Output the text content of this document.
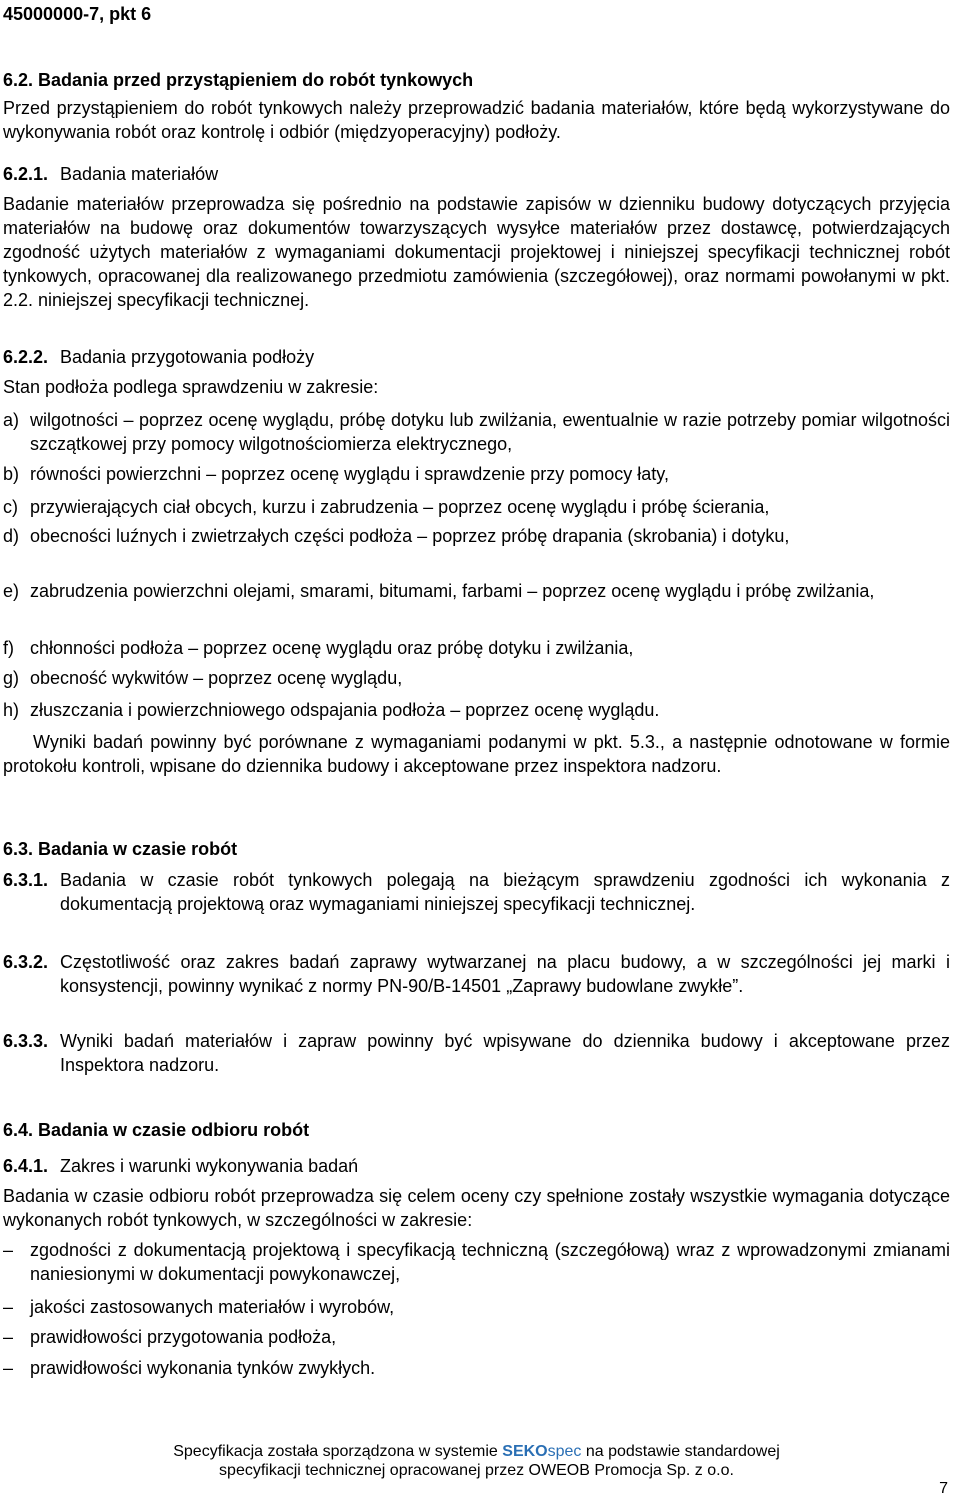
45000000-7, pkt 6
6.2. Badania przed przystąpieniem do robót tynkowych
Przed przystąpieniem do robót tynkowych należy przeprowadzić badania materiałów, które będą wykorzystywane do wykonywania robót oraz kontrolę i odbiór (międzyoperacyjny) podłoży.
6.2.1. Badania materiałów
Badanie materiałów przeprowadza się pośrednio na podstawie zapisów w dzienniku budowy dotyczących przyjęcia materiałów na budowę oraz dokumentów towarzyszących wysyłce materiałów przez dostawcę, potwierdzających zgodność użytych materiałów z wymaganiami dokumentacji projektowej i niniejszej specyfikacji technicznej robót tynkowych, opracowanej dla realizowanego przedmiotu zamówienia (szczegółowej), oraz normami powołanymi w pkt. 2.2. niniejszej specyfikacji technicznej.
6.2.2. Badania przygotowania podłoży
Stan podłoża podlega sprawdzeniu w zakresie:
a) wilgotności – poprzez ocenę wyglądu, próbę dotyku lub zwilżania, ewentualnie w razie potrzeby pomiar wilgotności szczątkowej przy pomocy wilgotnościomierza elektrycznego,
b) równości powierzchni – poprzez ocenę wyglądu i sprawdzenie przy pomocy łaty,
c) przywierających ciał obcych, kurzu i zabrudzenia – poprzez ocenę wyglądu i próbę ścierania,
d) obecności luźnych i zwietrzałych części podłoża – poprzez próbę drapania (skrobania) i dotyku,
e) zabrudzenia powierzchni olejami, smarami, bitumami, farbami – poprzez ocenę wyglądu i próbę zwilżania,
f) chłonności podłoża – poprzez ocenę wyglądu oraz próbę dotyku i zwilżania,
g) obecność wykwitów – poprzez ocenę wyglądu,
h) złuszczania i powierzchniowego odspajania podłoża – poprzez ocenę wyglądu.
Wyniki badań powinny być porównane z wymaganiami podanymi w pkt. 5.3., a następnie odnotowane w formie protokołu kontroli, wpisane do dziennika budowy i akceptowane przez inspektora nadzoru.
6.3. Badania w czasie robót
6.3.1. Badania w czasie robót tynkowych polegają na bieżącym sprawdzeniu zgodności ich wykonania z dokumentacją projektową oraz wymaganiami niniejszej specyfikacji technicznej.
6.3.2. Częstotliwość oraz zakres badań zaprawy wytwarzanej na placu budowy, a w szczególności jej marki i konsystencji, powinny wynikać z normy PN-90/B-14501 „Zaprawy budowlane zwykłe”.
6.3.3. Wyniki badań materiałów i zapraw powinny być wpisywane do dziennika budowy i akceptowane przez Inspektora nadzoru.
6.4. Badania w czasie odbioru robót
6.4.1. Zakres i warunki wykonywania badań
Badania w czasie odbioru robót przeprowadza się celem oceny czy spełnione zostały wszystkie wymagania dotyczące wykonanych robót tynkowych, w szczególności w zakresie:
– zgodności z dokumentacją projektową i specyfikacją techniczną (szczegółową) wraz z wprowadzonymi zmianami naniesionymi w dokumentacji powykonawczej,
– jakości zastosowanych materiałów i wyrobów,
– prawidłowości przygotowania podłoża,
– prawidłowości wykonania tynków zwykłych.
Specyfikacja została sporządzona w systemie SEKOspec na podstawie standardowej
specyfikacji technicznej opracowanej przez OWEOB Promocja Sp. z o.o.
7
